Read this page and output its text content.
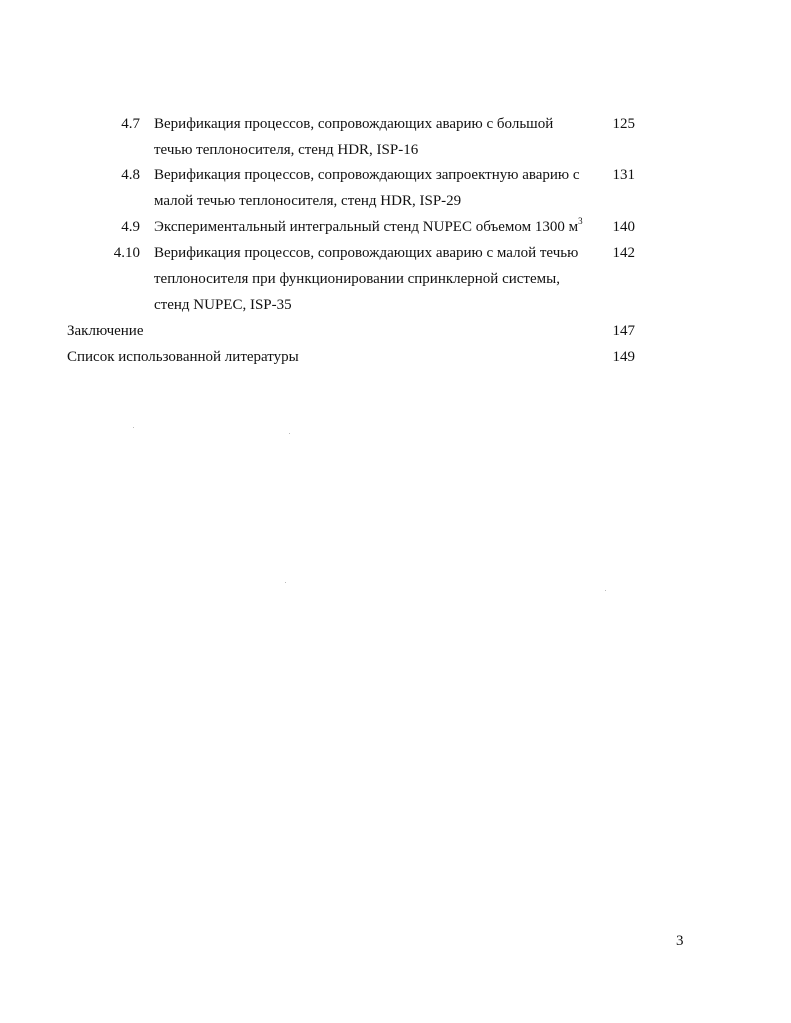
4.7 Верификация процессов, сопровождающих аварию с большой	125
течью теплоносителя, стенд HDR, ISP-16
4.8 Верификация процессов, сопровождающих запроектную аварию с	131
малой течью теплоносителя, стенд HDR, ISP-29
4.9 Экспериментальный интегральный стенд NUPEC объемом 1300 $м^3$	140
4.10 Верификация процессов, сопровождающих аварию с малой течью	142
теплоносителя при функционировании спринклерной системы,
стенд NUPEC, ISP-35
Заключение	147
Список использованной литературы	149
3
